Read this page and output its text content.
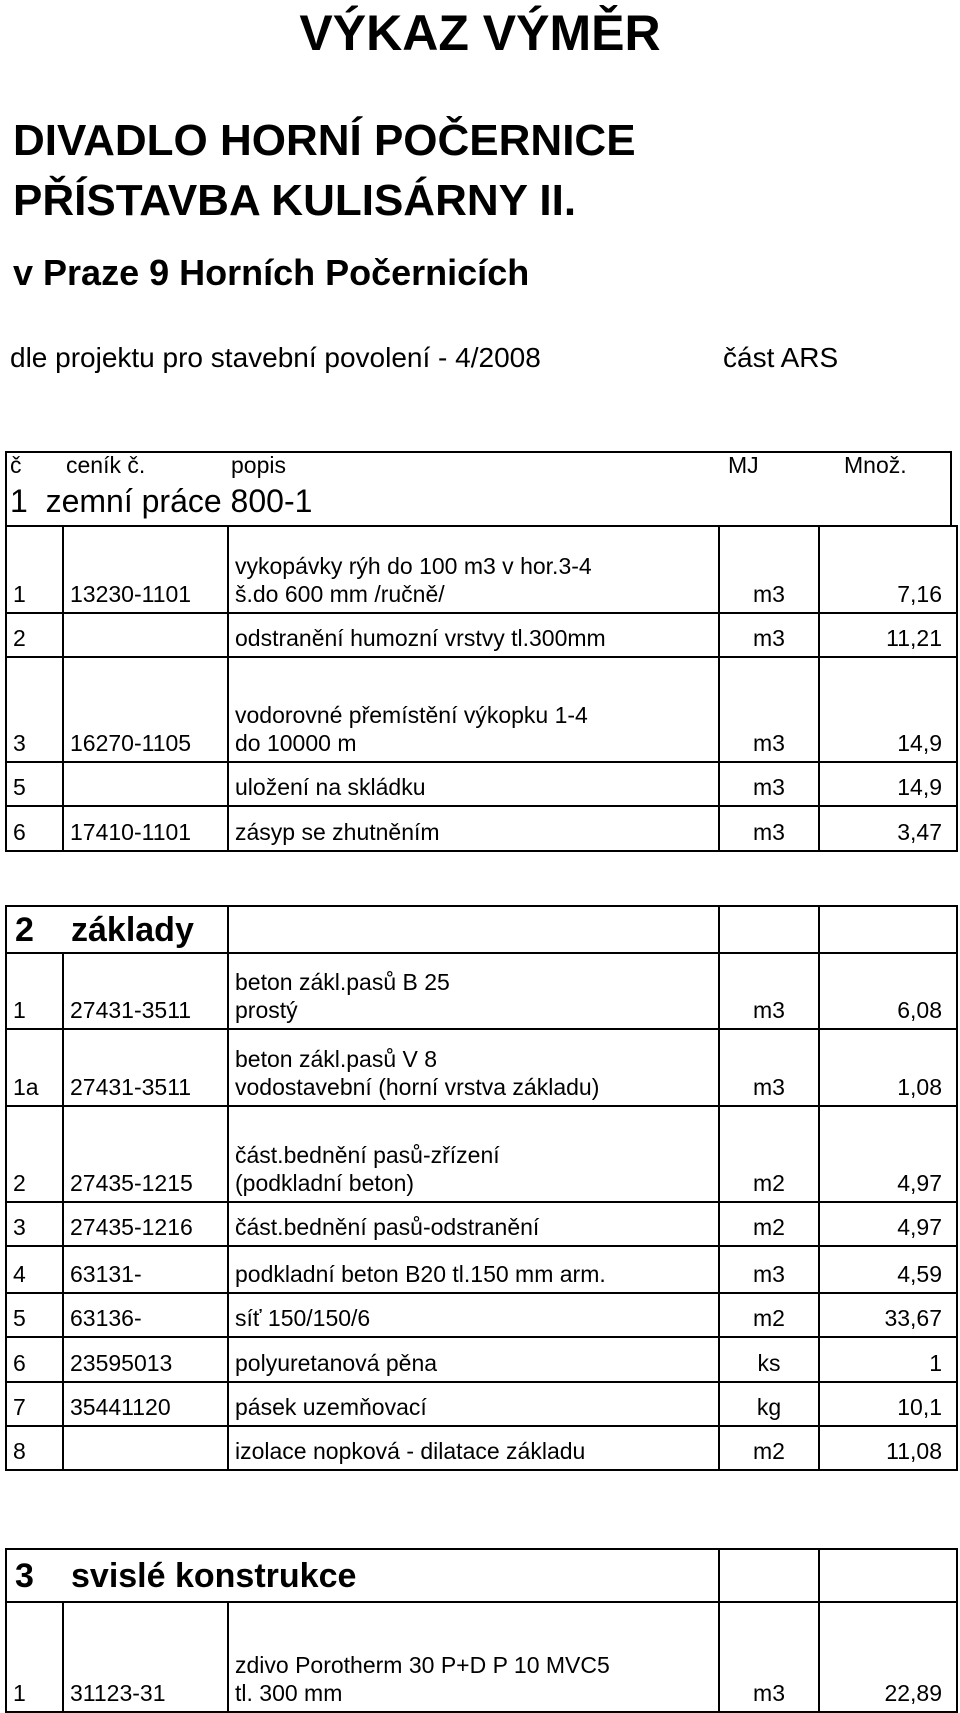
VÝKAZ VÝMĚR
DIVADLO HORNÍ POČERNICE
PŘÍSTAVBA KULISÁRNY II.
v Praze 9 Horních Počernicích
dle projektu pro stavební povolení - 4/2008	část ARS
č ceník č.	popis	MJ	Množ.
1 zemní práce 800-1
1	13230-1101	vykopávky rýh do 100 m3 v hor.3-4
š.do 600 mm /ručně/	m3	7,16
2		odstranění humozní vrstvy tl.300mm	m3	11,21
3	16270-1105	vodorovné přemístění výkopku 1-4
do 10000 m	m3	14,9
5		uložení na skládku	m3	14,9
6	17410-1101	zásyp se zhutněním	m3	3,47
2	základy			
1	27431-3511	beton zákl.pasů B 25
prostý	m3	6,08
1a	27431-3511	beton zákl.pasů V 8
vodostavební (horní vrstva základu)	m3	1,08
2	27435-1215	část.bednění pasů-zřízení
(podkladní beton)	m2	4,97
3	27435-1216	část.bednění pasů-odstranění	m2	4,97
4	63131-	podkladní beton B20 tl.150 mm arm.	m3	4,59
5	63136-	síť 150/150/6	m2	33,67
6	23595013	polyuretanová pěna	ks	1
7	35441120	pásek uzemňovací	kg	10,1
8		izolace nopková - dilatace základu	m2	11,08
3	svislé konstrukce			
1	31123-31	zdivo Porotherm 30 P+D P 10 MVC5
tl. 300 mm	m3	22,89
